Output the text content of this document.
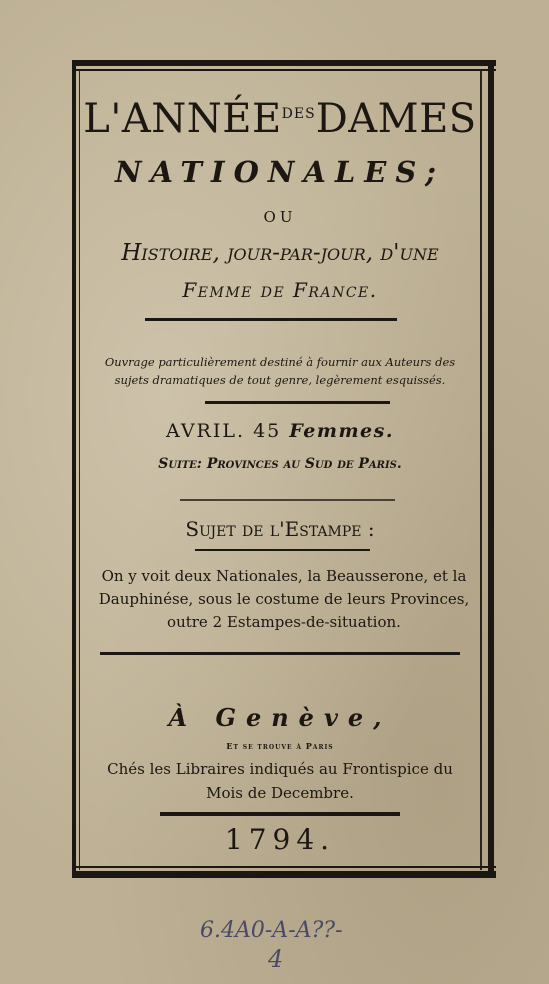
$L'ANNÉE^{DES}DAMES$
NATIONALES;
OU
Histoire, jour-par-jour, d'une
Femme de France.
Ouvrage particulièrement destiné à fournir aux Auteurs des
sujets dramatiques de tout genre, legèrement esquissés.
AVRIL. 45 Femmes.
Suite: Provinces au Sud de Paris.
Sujet de l'Estampe :
On y voit deux Nationales, la Beausserone, et la Dauphinése, sous le costume de leurs Provinces, outre 2 Estampes-de-situation.
À Genève,
Et se trouve à Paris
Chés les Libraires indiqués au Frontispice du
Mois de Decembre.
1794.
6.4A0-A-A??-
4
